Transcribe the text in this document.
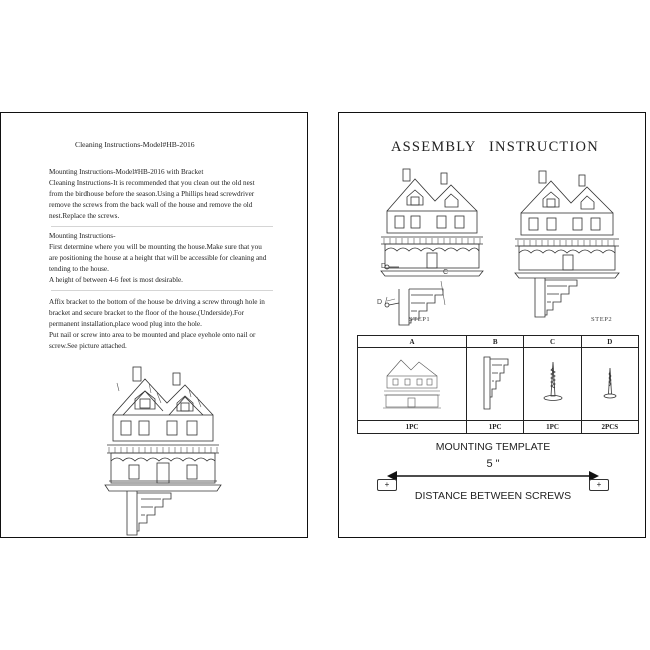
Cleaning Instructions-Model#HB-2016
Mounting Instructions-Model#HB-2016 with Bracket
Cleaning Instructions-It is recommended that you clean out the old nest
from the birdhouse before the season.Using a Phillips head screwdriver
remove the screws from the back wall of the house and remove the old
nest.Replace the screws.
Mounting Instructions-
First determine where you will be mounting the house.Make sure that you
are positioning the house at a height that will be accessible for cleaning and
tending to the house.
A height of between 4-6 feet is most desirable.
Affix bracket to the bottom of the house be driving a screw through hole in
bracket and secure bracket to the floor of the house.(Underside).For
permanent installation,place wood plug into the hole.
Put nail or screw into area to be mounted and place eyehole onto nail or
screw.See picture attached.
ASSEMBLY INSTRUCTION
D
C
D
STEP1	STEP2
A	B	C	D

1PC	1PC	1PC	2PCS
MOUNTING TEMPLATE
5 "
+	+
DISTANCE BETWEEN SCREWS
